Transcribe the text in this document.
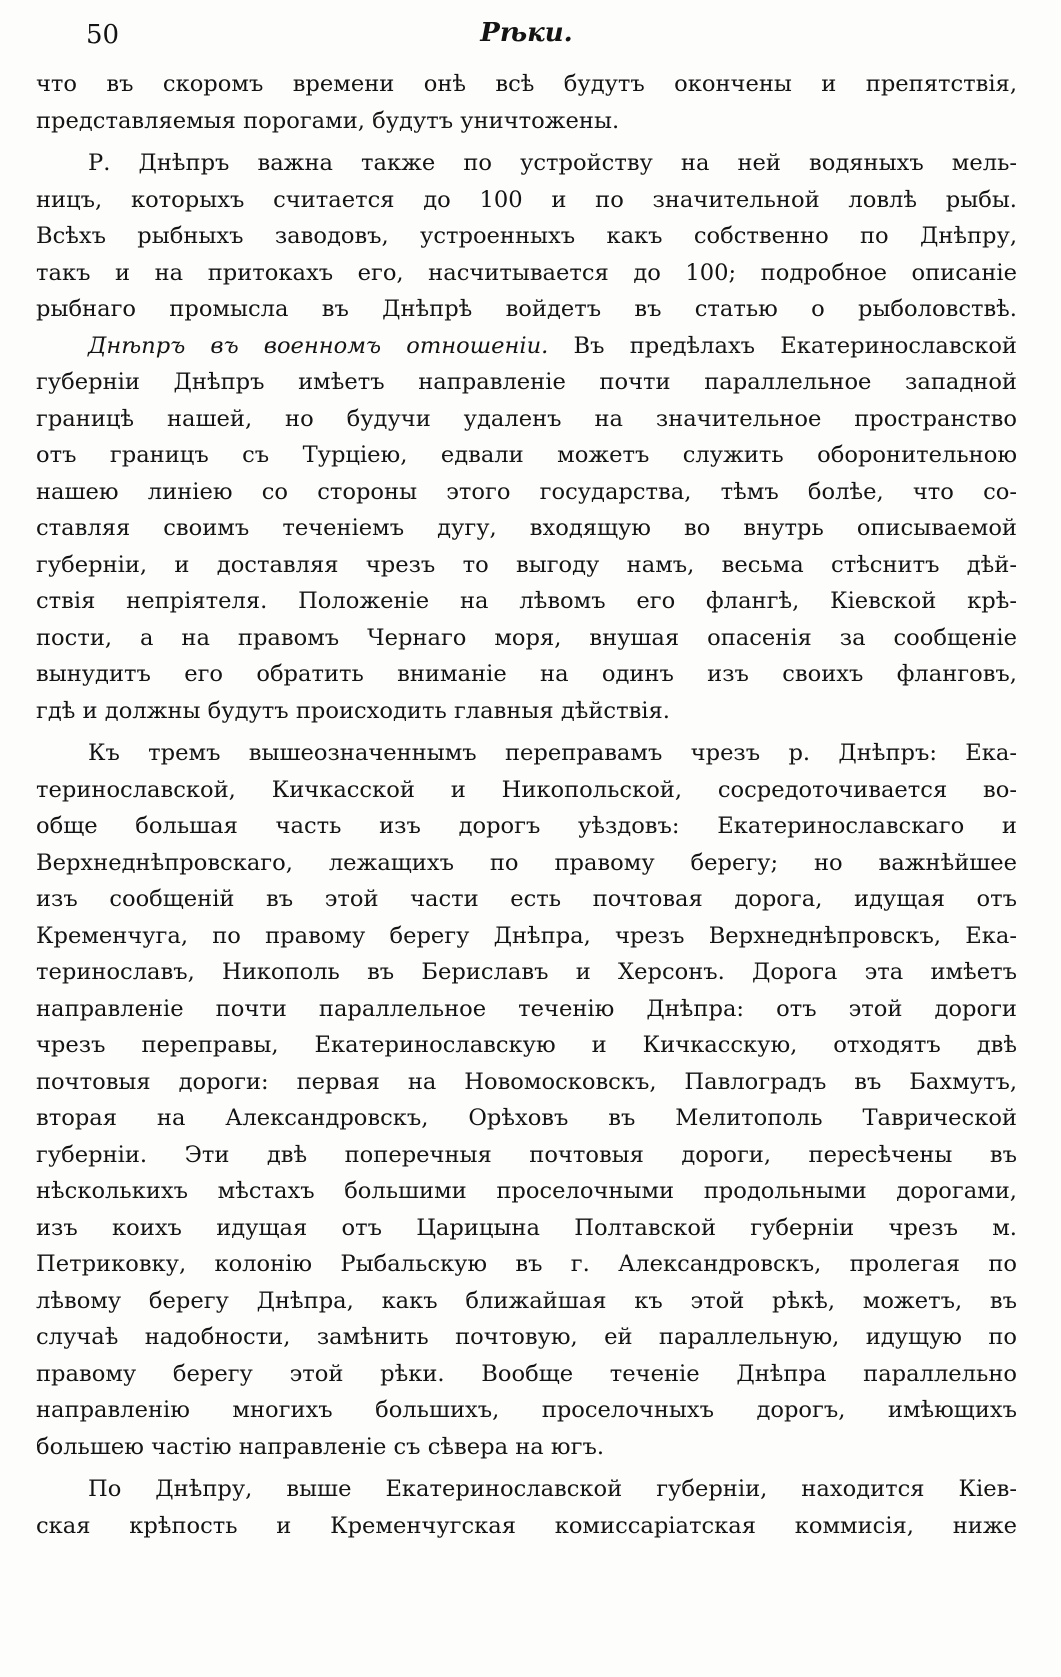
50	Рѣки.
что въ скоромъ времени онѣ всѣ будутъ окончены и препятствія,
представляемыя порогами, будутъ уничтожены.
Р. Днѣпръ важна также по устройству на ней водяныхъ мель-
ницъ, которыхъ считается до 100 и по значительной ловлѣ рыбы.
Всѣхъ рыбныхъ заводовъ, устроенныхъ какъ собственно по Днѣпру,
такъ и на притокахъ его, насчитывается до 100; подробное описаніе
рыбнаго промысла въ Днѣпрѣ войдетъ въ статью о рыболовствѣ.
Днѣпръ въ военномъ отношеніи. Въ предѣлахъ Екатеринославской
губерніи Днѣпръ имѣетъ направленіе почти параллельное западной
границѣ нашей, но будучи удаленъ на значительное пространство
отъ границъ съ Турціею, едвали можетъ служить оборонительною
нашею линіею со стороны этого государства, тѣмъ болѣе, что со-
ставляя своимъ теченіемъ дугу, входящую во внутрь описываемой
губерніи, и доставляя чрезъ то выгоду намъ, весьма стѣснитъ дѣй-
ствія непріятеля. Положеніе на лѣвомъ его флангѣ, Кіевской крѣ-
пости, а на правомъ Чернаго моря, внушая опасенія за сообщеніе
вынудитъ его обратить вниманіе на одинъ изъ своихъ фланговъ,
гдѣ и должны будутъ происходить главныя дѣйствія.
Къ тремъ вышеозначеннымъ переправамъ чрезъ р. Днѣпръ: Ека-
теринославской, Кичкасской и Никопольской, сосредоточивается во-
обще большая часть изъ дорогъ уѣздовъ: Екатеринославскаго и
Верхнеднѣпровскаго, лежащихъ по правому берегу; но важнѣйшее
изъ сообщеній въ этой части есть почтовая дорога, идущая отъ
Кременчуга, по правому берегу Днѣпра, чрезъ Верхнеднѣпровскъ, Ека-
теринославъ, Никополь въ Бериславъ и Херсонъ. Дорога эта имѣетъ
направленіе почти параллельное теченію Днѣпра: отъ этой дороги
чрезъ переправы, Екатеринославскую и Кичкасскую, отходятъ двѣ
почтовыя дороги: первая на Новомосковскъ, Павлоградъ въ Бахмутъ,
вторая на Александровскъ, Орѣховъ въ Мелитополь Таврической
губерніи. Эти двѣ поперечныя почтовыя дороги, пересѣчены въ
нѣсколькихъ мѣстахъ большими проселочными продольными дорогами,
изъ коихъ идущая отъ Царицына Полтавской губерніи чрезъ м.
Петриковку, колонію Рыбальскую въ г. Александровскъ, пролегая по
лѣвому берегу Днѣпра, какъ ближайшая къ этой рѣкѣ, можетъ, въ
случаѣ надобности, замѣнить почтовую, ей параллельную, идущую по
правому берегу этой рѣки. Вообще теченіе Днѣпра параллельно
направленію многихъ большихъ, проселочныхъ дорогъ, имѣющихъ
большею частію направленіе съ сѣвера на югъ.
По Днѣпру, выше Екатеринославской губерніи, находится Кіев-
ская крѣпость и Кременчугская комиссаріатская коммисія, ниже
